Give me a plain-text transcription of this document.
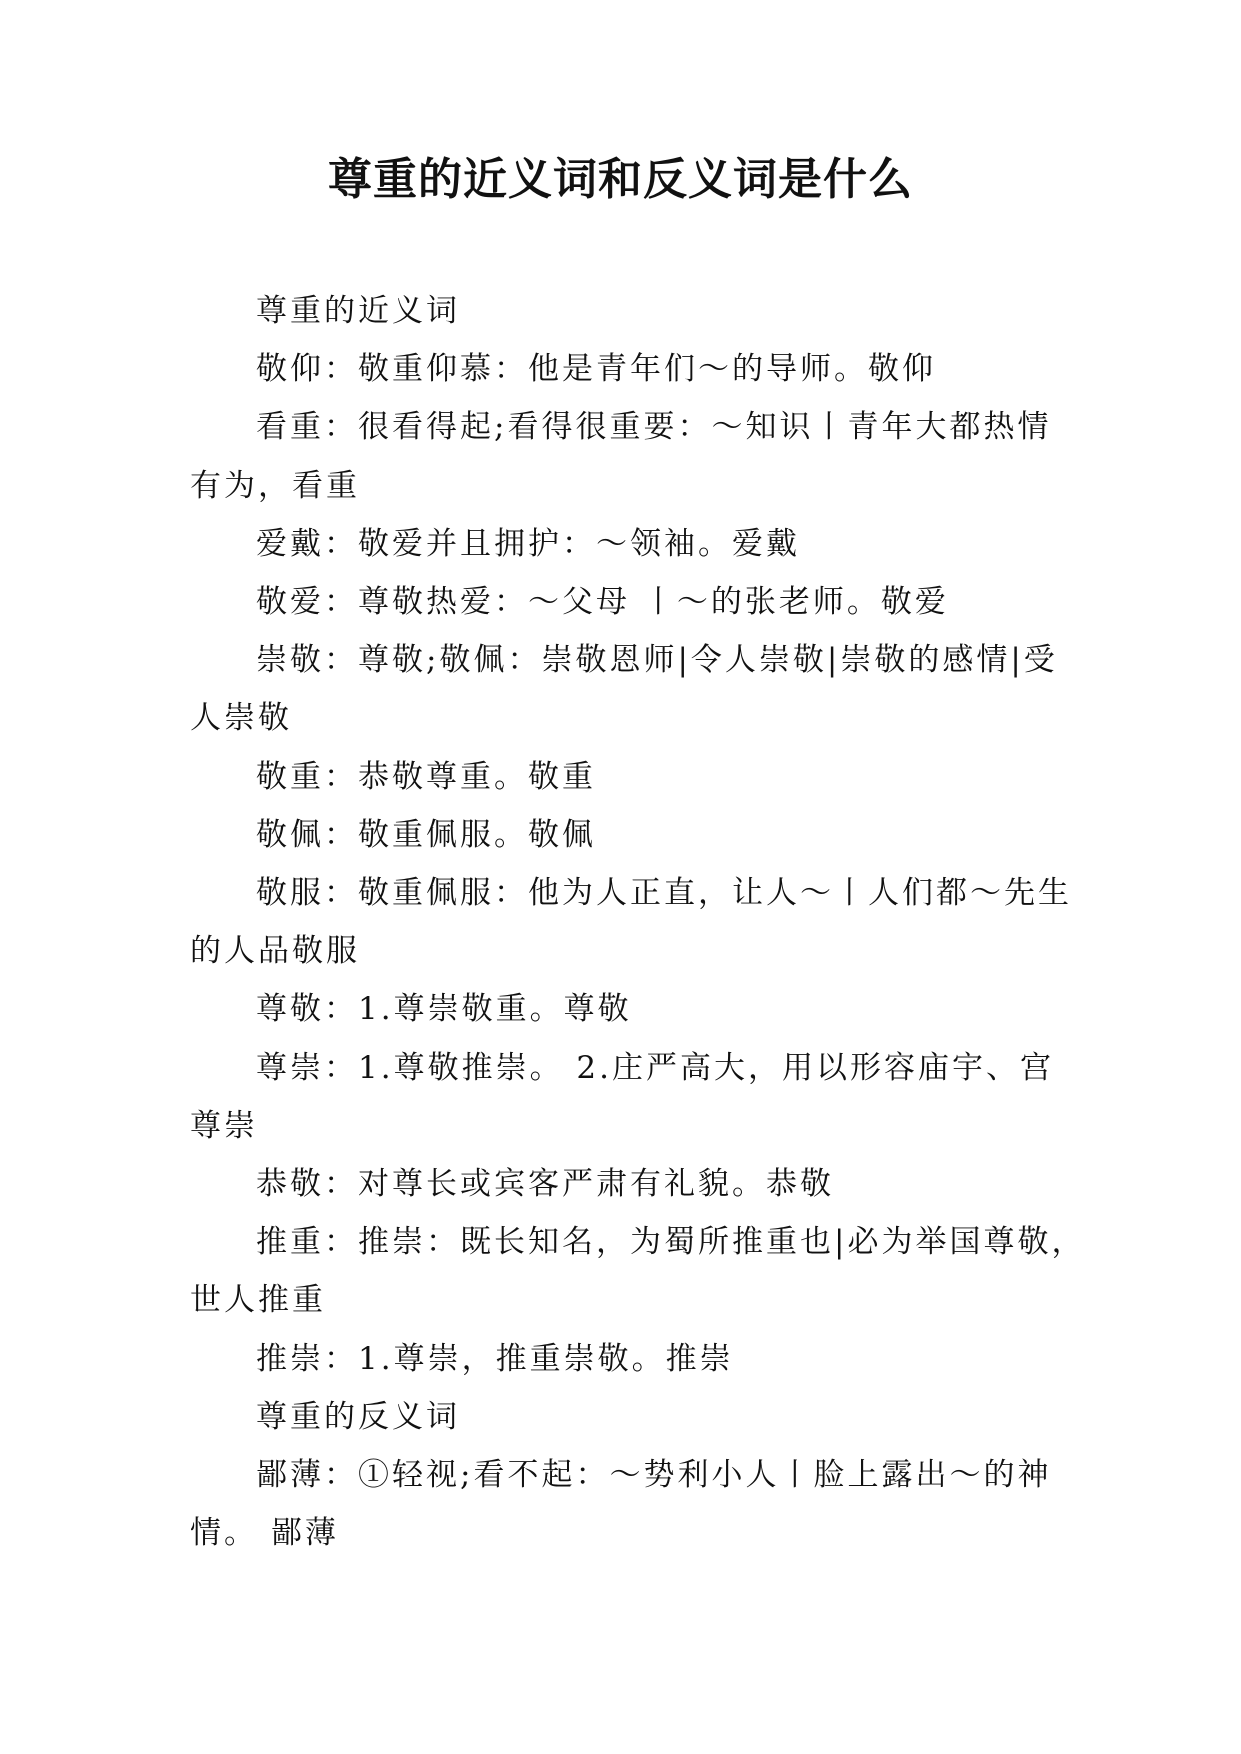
尊重的近义词和反义词是什么

尊重的近义词

敬仰：敬重仰慕：他是青年们～的导师。敬仰

看重：很看得起;看得很重要：～知识丨青年大都热情

有为，看重

爱戴：敬爱并且拥护：～领袖。爱戴

敬爱：尊敬热爱：～父母 丨～的张老师。敬爱

崇敬：尊敬;敬佩：崇敬恩师|令人崇敬|崇敬的感情|受

人崇敬

敬重：恭敬尊重。敬重

敬佩：敬重佩服。敬佩

敬服：敬重佩服：他为人正直，让人～丨人们都～先生

的人品敬服

尊敬：1.尊崇敬重。尊敬

尊崇：1.尊敬推崇。 2.庄严高大，用以形容庙宇、宫

尊崇

恭敬：对尊长或宾客严肃有礼貌。恭敬

推重：推崇：既长知名，为蜀所推重也|必为举国尊敬，

世人推重

推崇：1.尊崇，推重崇敬。推崇

尊重的反义词

鄙薄：①轻视;看不起：～势利小人丨脸上露出～的神

情。 鄙薄
